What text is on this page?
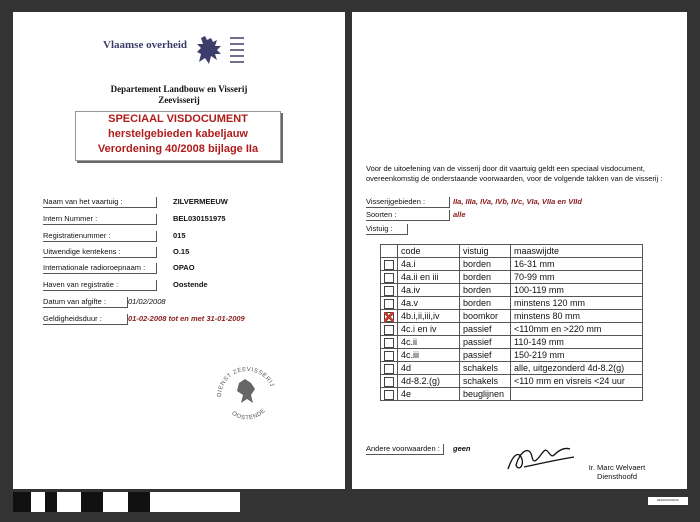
Vlaamse overheid
Departement Landbouw en Visserij
Zeevisserij
SPECIAAL VISDOCUMENT
herstelgebieden kabeljauw
Verordening 40/2008 bijlage IIa
Naam van het vaartuig :	ZILVERMEEUW
Intern Nummer :	BEL030151975
Registratienummer :	015
Uitwendige kentekens :	O.15
Internationale radioroepnaam :	OPAO
Haven van registratie :	Oostende
Datum van afgifte :	01/02/2008
Geldigheidsduur :	01-02-2008 tot en met 31-01-2009
DIENST ZEEVISSERIJ
OOSTENDE
Voor de uitoefening van de visserij door dit vaartuig geldt een speciaal visdocument, overeenkomstig de onderstaande voorwaarden, voor de volgende takken van de visserij :
Visserijgebieden :	IIa, IIIa, IVa, IVb, IVc, VIa, VIIa en VIId
Soorten :	alle
Vistuig :
	code	vistuig	maaswijdte
	4a.i	borden	16-31 mm
	4a.ii en iii	borden	70-99 mm
	4a.iv	borden	100-119 mm
	4a.v	borden	minstens 120 mm
	4b.i,ii,iii,iv	boomkor	minstens 80 mm
	4c.i en iv	passief	<110mm en >220 mm
	4c.ii	passief	110-149 mm
	4c.iii	passief	150-219 mm
	4d	schakels	alle, uitgezonderd 4d-8.2(g)
	4d-8.2.(g)	schakels	<110 mm en visreis <24 uur
	4e	beuglijnen	
Andere voorwaarden :	geen
Ir. Marc Welvaert
Diensthoofd
BE0000000000
